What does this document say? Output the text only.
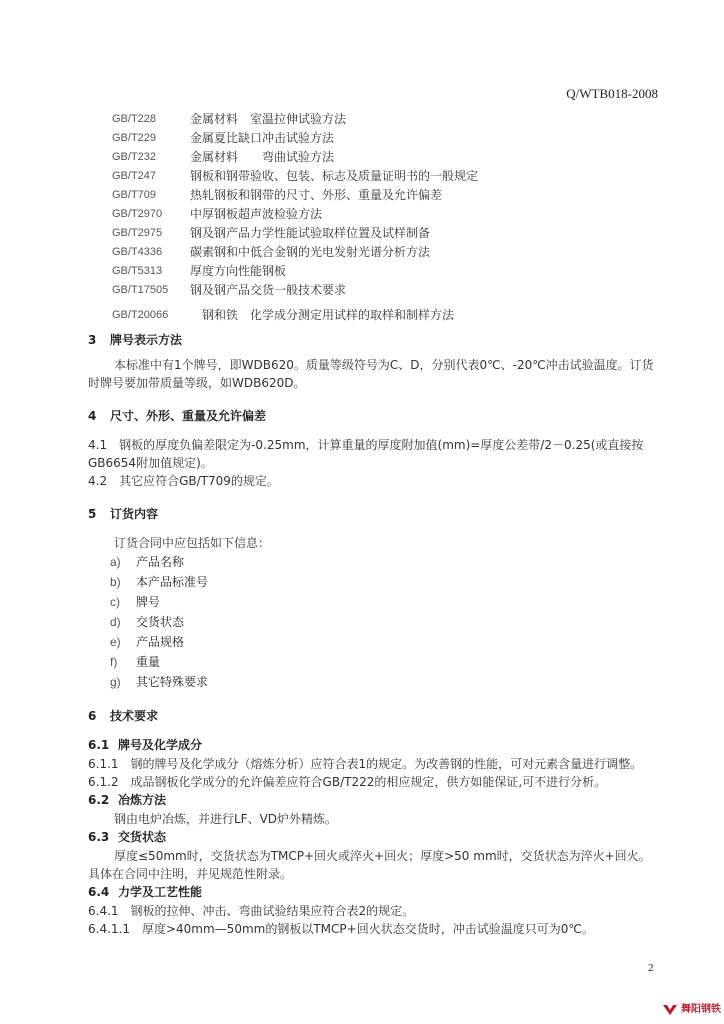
Q/WTB018-2008
GB/T228	金属材料　室温拉伸试验方法
GB/T229	金属夏比缺口冲击试验方法
GB/T232	金属材料　　弯曲试验方法
GB/T247	钢板和钢带验收、包装、标志及质量证明书的一般规定
GB/T709	热轧钢板和钢带的尺寸、外形、重量及允许偏差
GB/T2970	中厚钢板超声波检验方法
GB/T2975	钢及钢产品力学性能试验取样位置及试样制备
GB/T4336	碳素钢和中低合金钢的光电发射光谱分析方法
GB/T5313	厚度方向性能钢板
GB/T17505	钢及钢产品交货一般技术要求
GB/T20066	　钢和铁　化学成分测定用试样的取样和制样方法
3 牌号表示方法

本标准中有1个牌号，即WDB620。质量等级符号为C、D，分别代表0℃、-20℃冲击试验温度。订货时牌号要加带质量等级，如WDB620D。

4 尺寸、外形、重量及允许偏差

4.1　钢板的厚度负偏差限定为-0.25mm，计算重量的厚度附加值(mm)=厚度公差带/2－0.25(或直接按GB6654附加值规定)。

4.2　其它应符合GB/T709的规定。

5 订货内容

订货合同中应包括如下信息：

a) 产品名称
b) 本产品标准号
c) 牌号
d) 交货状态
e) 产品规格
f) 重量
g) 其它特殊要求
6 技术要求
6.1 牌号及化学成分

6.1.1　钢的牌号及化学成分（熔炼分析）应符合表1的规定。为改善钢的性能，可对元素含量进行调整。

6.1.2　成品钢板化学成分的允许偏差应符合GB/T222的相应规定，供方如能保证,可不进行分析。

6.2 冶炼方法

钢由电炉冶炼，并进行LF、VD炉外精炼。

6.3 交货状态

厚度≤50mm时，交货状态为TMCP+回火或淬火+回火；厚度>50 mm时，交货状态为淬火+回火。具体在合同中注明，并见规范性附录。

6.4 力学及工艺性能

6.4.1　钢板的拉伸、冲击、弯曲试验结果应符合表2的规定。

6.4.1.1　厚度>40mm—50mm的钢板以TMCP+回火状态交货时，冲击试验温度只可为0℃。

2
舞阳钢铁
